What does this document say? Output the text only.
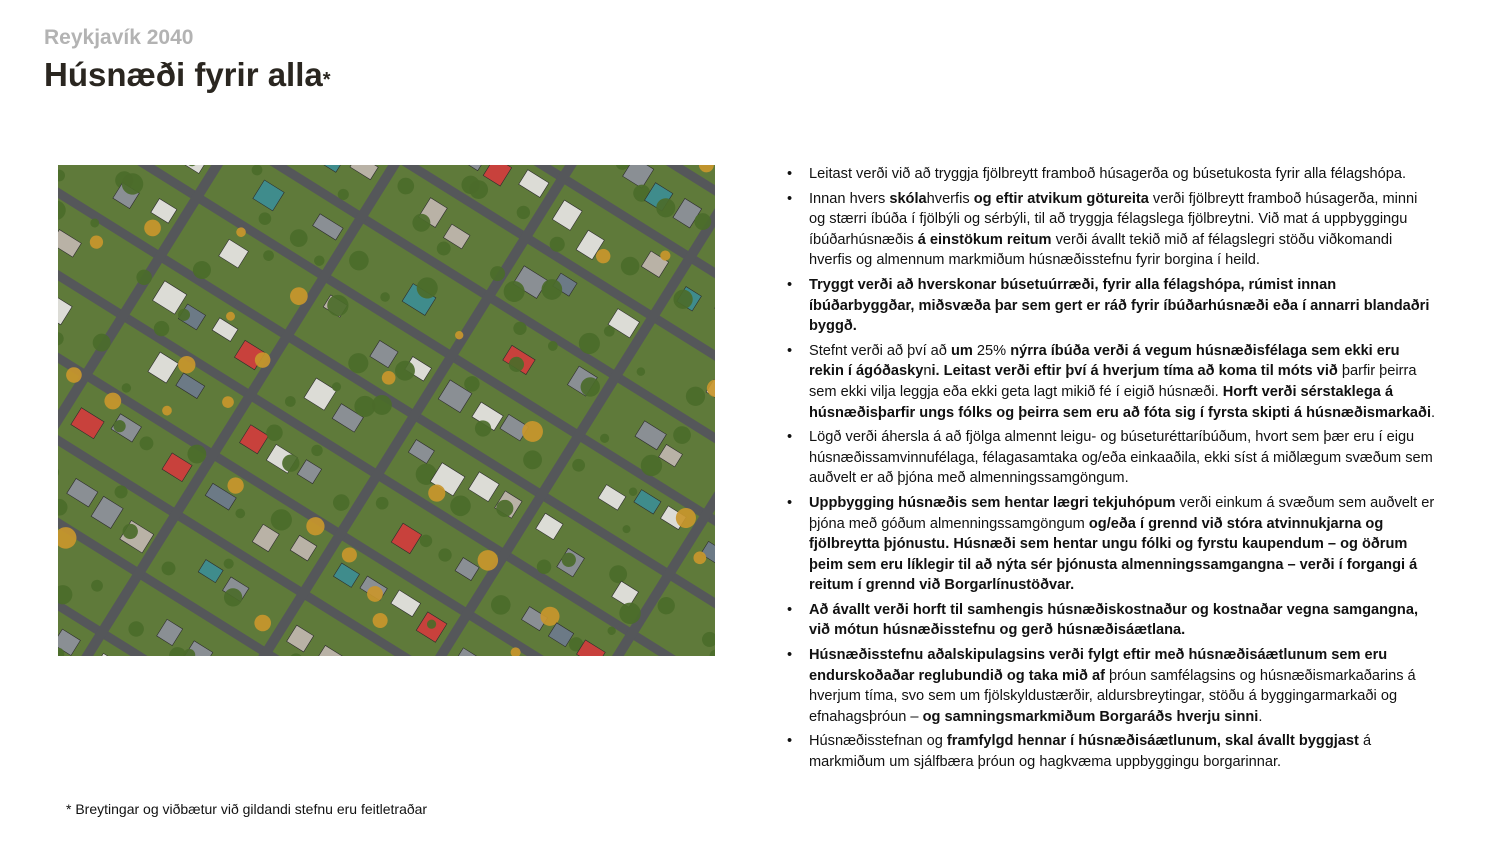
Reykjavík 2040
Húsnæði fyrir alla*
• Leitast verði við að tryggja fjölbreytt framboð húsagerða og búsetukosta fyrir alla félagshópa.
• Innan hvers skólahverfis og eftir atvikum gӧtureita verði fjölbreytt framboð húsagerða, minni og stærri íbúða í fjölbýli og sérbýli, til að tryggja félagslega fjölbreytni. Við mat á uppbyggingu íbúðarhúsnæðis á einstökum reitum verði ávallt tekið mið af félagslegri stöðu viðkomandi hverfis og almennum markmiðum húsnæðisstefnu fyrir borgina í heild.
• Tryggt verði að hverskonar búsetuúrræði, fyrir alla félagshópa, rúmist innan íbúðarbyggðar, miðsvæða þar sem gert er ráð fyrir íbúðarhúsnæði eða í annarri blandaðri byggð.
• Stefnt verði að því að um 25% nýrra íbúða verði á vegum húsnæðisfélaga sem ekki eru rekin í ágóðaskyni. Leitast verði eftir því á hverjum tíma að koma til móts við þarfir þeirra sem ekki vilja leggja eða ekki geta lagt mikið fé í eigið húsnæði. Horft verði sérstaklega á húsnæðisþarfir ungs fólks og þeirra sem eru að fóta sig í fyrsta skipti á húsnæðismarkaði.
• Lögð verði áhersla á að fjölga almennt leigu- og búseturéttaríbúðum, hvort sem þær eru í eigu húsnæðissamvinnufélaga, félagasamtaka og/eða einkaaðila, ekki síst á miðlægum svæðum sem auðvelt er að þjóna með almenningssamgöngum.
• Uppbygging húsnæðis sem hentar lægri tekjuhópum verði einkum á svæðum sem auðvelt er þjóna með góðum almenningssamgöngum og/eða í grennd við stóra atvinnukjarna og fjölbreytta þjónustu. Húsnæði sem hentar ungu fólki og fyrstu kaupendum – og öðrum þeim sem eru líklegir til að nýta sér þjónusta almenningssamgangna – verði í forgangi á reitum í grennd við Borgarlínustöðvar.
• Að ávallt verði horft til samhengis húsnæðiskostnaður og kostnaðar vegna samgangna, við mótun húsnæðisstefnu og gerð húsnæðisáætlana.
• Húsnæðisstefnu aðalskipulagsins verði fylgt eftir með húsnæðisáætlunum sem eru endurskoðaðar reglubundið og taka mið af þróun samfélagsins og húsnæðismarkaðarins á hverjum tíma, svo sem um fjölskyldustærðir, aldursbreytingar, stöðu á byggingarmarkaði og efnahagsþróun – og samningsmarkmiðum Borgaráðs hverju sinni.
• Húsnæðisstefnan og framfylgd hennar í húsnæðisáætlunum, skal ávallt byggjast á markmiðum um sjálfbæra þróun og hagkvæma uppbyggingu borgarinnar.
* Breytingar og viðbætur við gildandi stefnu eru feitletraðar
